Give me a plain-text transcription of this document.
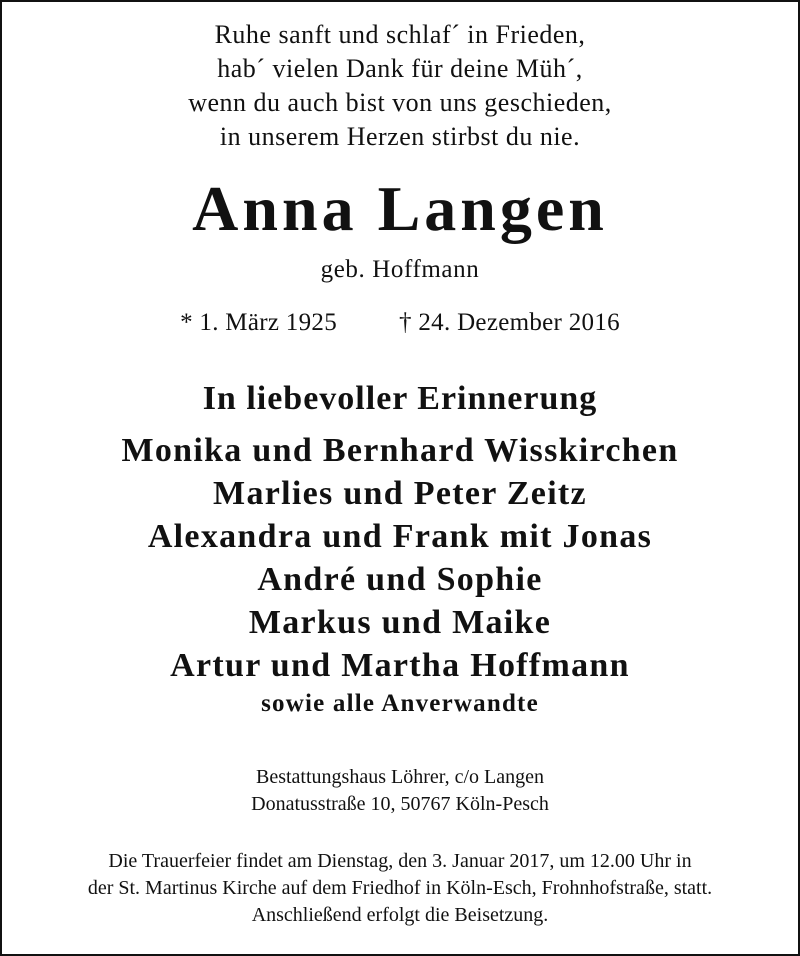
Ruhe sanft und schlaf´ in Frieden,
hab´ vielen Dank für deine Müh´,
wenn du auch bist von uns geschieden,
in unserem Herzen stirbst du nie.
Anna Langen
geb. Hoffmann
* 1. März 1925 † 24. Dezember 2016
In liebevoller Erinnerung
Monika und Bernhard Wisskirchen
Marlies und Peter Zeitz
Alexandra und Frank mit Jonas
André und Sophie
Markus und Maike
Artur und Martha Hoffmann
sowie alle Anverwandte
Bestattungshaus Löhrer, c/o Langen
Donatusstraße 10, 50767 Köln-Pesch
Die Trauerfeier findet am Dienstag, den 3. Januar 2017, um 12.00 Uhr in
der St. Martinus Kirche auf dem Friedhof in Köln-Esch, Frohnhofstraße, statt.
Anschließend erfolgt die Beisetzung.
